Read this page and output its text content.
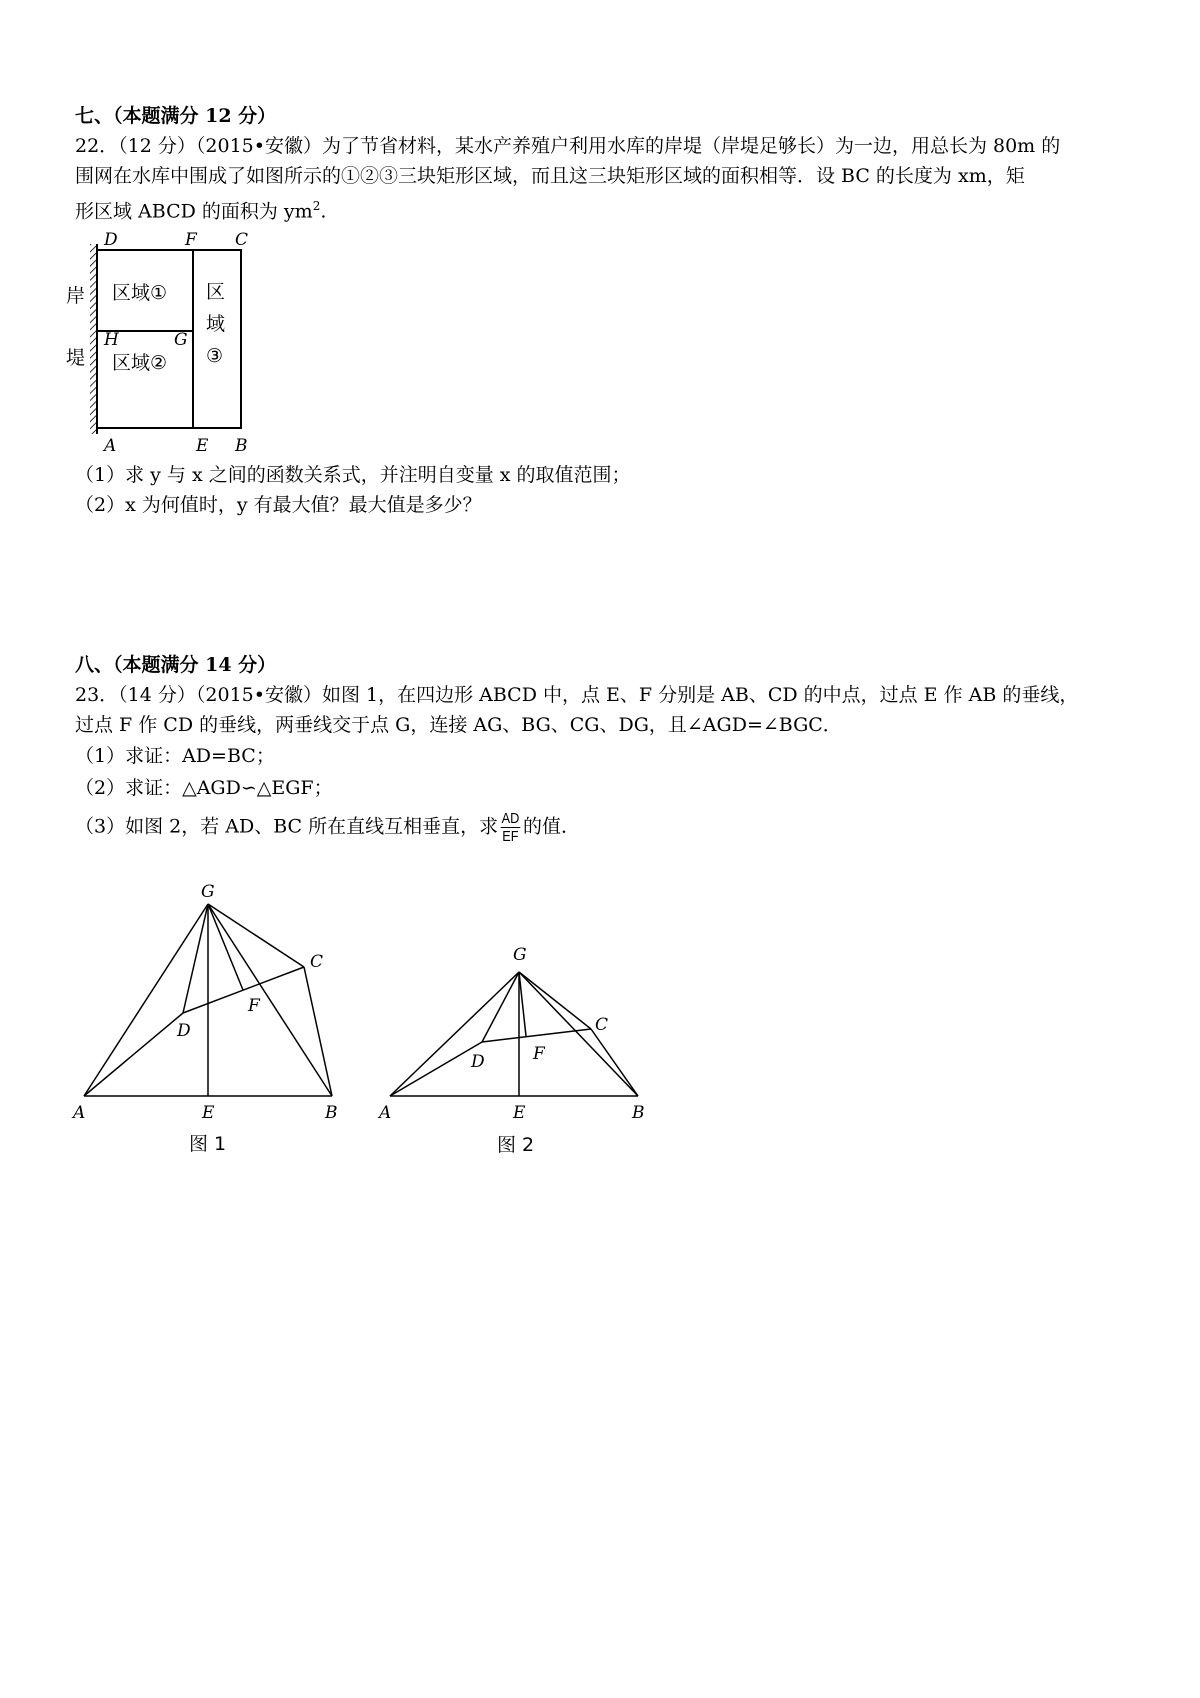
七、（本题满分 12 分）
22．（12 分）（2015•安徽）为了节省材料，某水产养殖户利用水库的岸堤（岸堤足够长）为一边，用总长为 80m 的
围网在水库中围成了如图所示的①②③三块矩形区域，而且这三块矩形区域的面积相等．设 BC 的长度为 xm，矩
形区域 ABCD 的面积为 $ym^2$.
岸
堤
D	F C
H	G
A	E B
区域①
区域②
区
域
③
（1）求 y 与 x 之间的函数关系式，并注明自变量 x 的取值范围；
（2）x 为何值时，y 有最大值？最大值是多少？
八、（本题满分 14 分）
23．（14 分）（2015•安徽）如图 1，在四边形 ABCD 中，点 E、F 分别是 AB、CD 的中点，过点 E 作 AB 的垂线，
过点 F 作 CD 的垂线，两垂线交于点 G，连接 AG、BG、CG、DG，且∠AGD=∠BGC．
（1）求证：AD=BC；
（2）求证：△AGD∽△EGF；
（3）如图 2，若 AD、BC 所在直线互相垂直，求 $\frac{AD}{EF}$ 的值．
G
C
F
D
A	E	B
图 1
G
C
F
D
A	E	B
图 2
